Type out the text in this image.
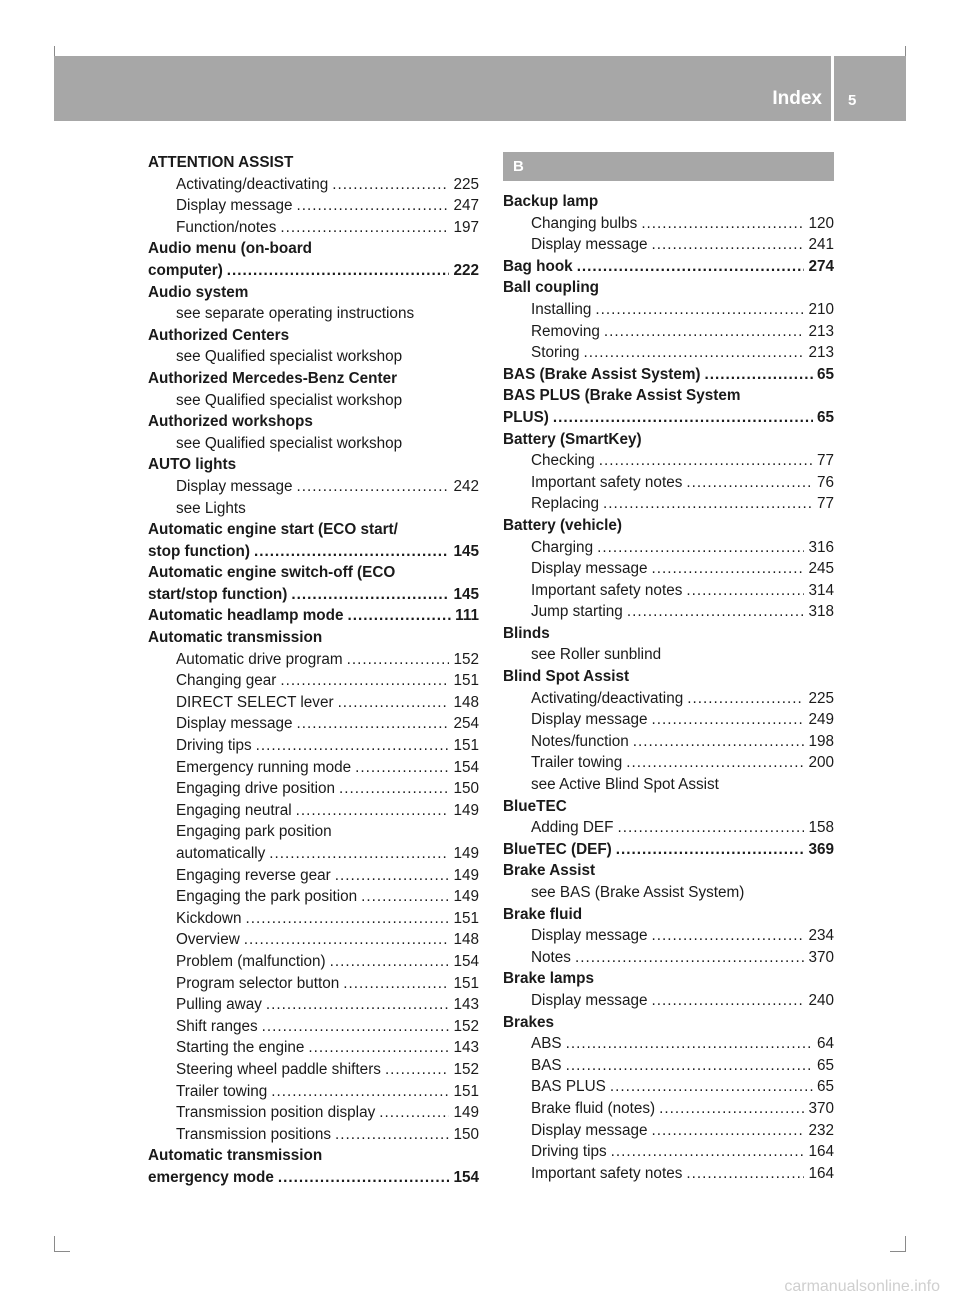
Index 5
ATTENTION ASSIST
Activating/deactivating .....	225
Display message .....	247
Function/notes .....	197
Audio menu (on-board
computer) .....	222
Audio system
see separate operating instructions
Authorized Centers
see Qualified specialist workshop
Authorized Mercedes-Benz Center
see Qualified specialist workshop
Authorized workshops
see Qualified specialist workshop
AUTO lights
Display message .....	242
see Lights
Automatic engine start (ECO start/
stop function) .....	145
Automatic engine switch-off (ECO
start/stop function) .....	145
Automatic headlamp mode .....	111
Automatic transmission
Automatic drive program .....	152
Changing gear .....	151
DIRECT SELECT lever .....	148
Display message .....	254
Driving tips .....	151
Emergency running mode .....	154
Engaging drive position .....	150
Engaging neutral .....	149
Engaging park position
automatically .....	149
Engaging reverse gear .....	149
Engaging the park position .....	149
Kickdown .....	151
Overview .....	148
Problem (malfunction) .....	154
Program selector button .....	151
Pulling away .....	143
Shift ranges .....	152
Starting the engine .....	143
Steering wheel paddle shifters .....	152
Trailer towing .....	151
Transmission position display .....	149
Transmission positions .....	150
Automatic transmission
emergency mode .....	154
B
Backup lamp
Changing bulbs .....	120
Display message .....	241
Bag hook .....	274
Ball coupling
Installing .....	210
Removing .....	213
Storing .....	213
BAS (Brake Assist System) .....	65
BAS PLUS (Brake Assist System
PLUS) .....	65
Battery (SmartKey)
Checking .....	77
Important safety notes .....	76
Replacing .....	77
Battery (vehicle)
Charging .....	316
Display message .....	245
Important safety notes .....	314
Jump starting .....	318
Blinds
see Roller sunblind
Blind Spot Assist
Activating/deactivating .....	225
Display message .....	249
Notes/function .....	198
Trailer towing .....	200
see Active Blind Spot Assist
BlueTEC
Adding DEF .....	158
BlueTEC (DEF) .....	369
Brake Assist
see BAS (Brake Assist System)
Brake fluid
Display message .....	234
Notes .....	370
Brake lamps
Display message .....	240
Brakes
ABS .....	64
BAS .....	65
BAS PLUS .....	65
Brake fluid (notes) .....	370
Display message .....	232
Driving tips .....	164
Important safety notes .....	164
carmanualsonline.info
